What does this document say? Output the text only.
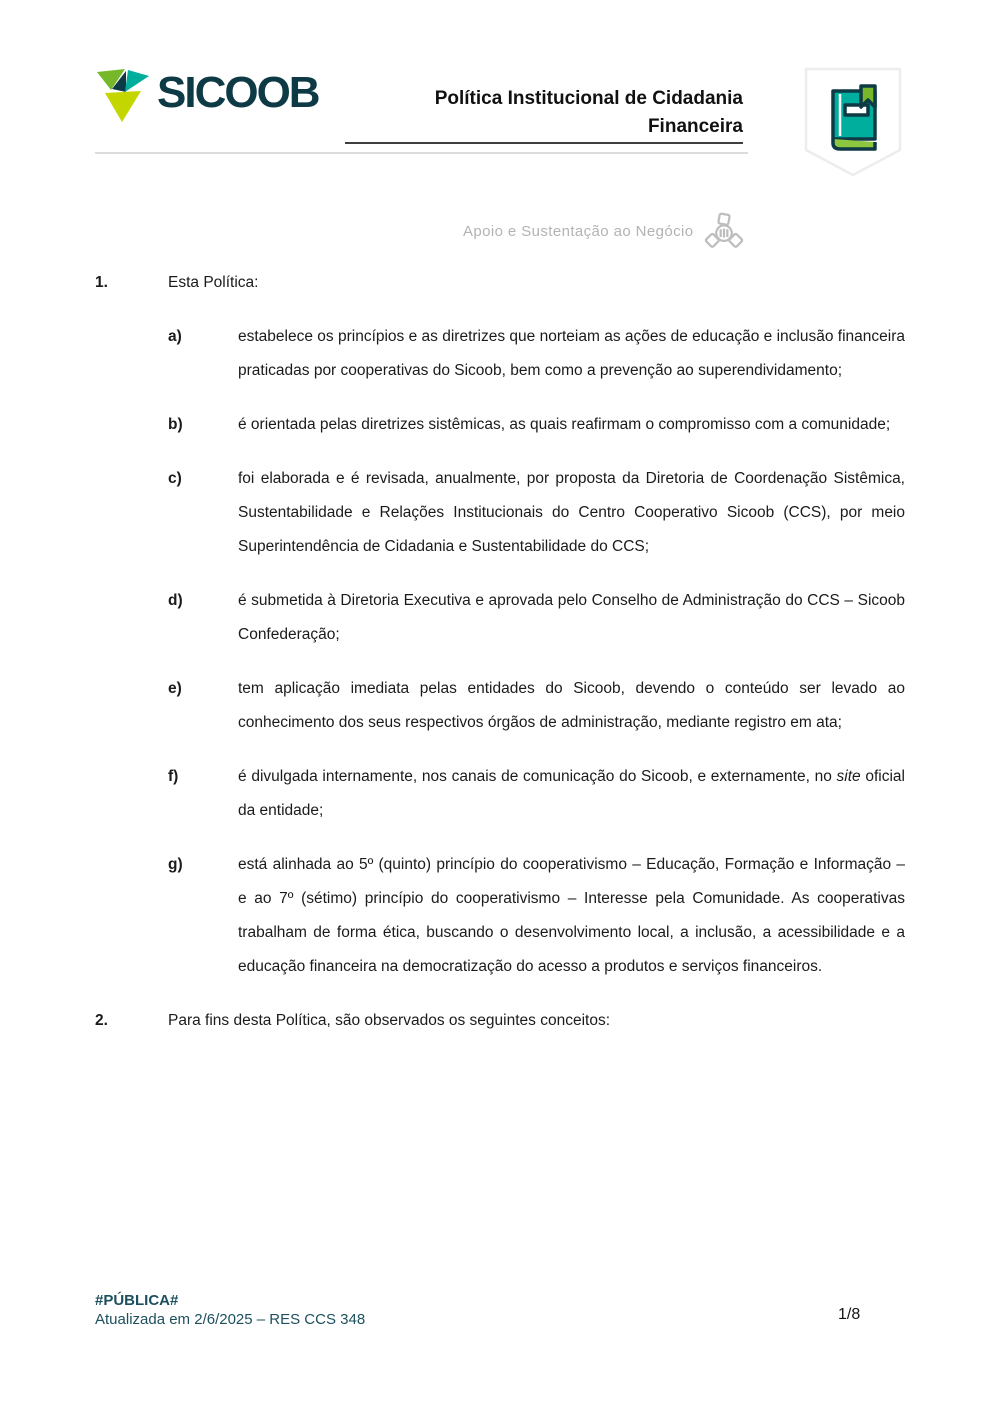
SICOOB	Política Institucional de Cidadania
Financeira
Apoio e Sustentação ao Negócio
1.	Esta Política:

a)	estabelece os princípios e as diretrizes que norteiam as ações de educação e inclusão financeira praticadas por cooperativas do Sicoob, bem como a prevenção ao superendividamento;

b)	é orientada pelas diretrizes sistêmicas, as quais reafirmam o compromisso com a comunidade;

c)	foi elaborada e é revisada, anualmente, por proposta da Diretoria de Coordenação Sistêmica, Sustentabilidade e Relações Institucionais do Centro Cooperativo Sicoob (CCS), por meio Superintendência de Cidadania e Sustentabilidade do CCS;

d)	é submetida à Diretoria Executiva e aprovada pelo Conselho de Administração do CCS – Sicoob Confederação;

e)	tem aplicação imediata pelas entidades do Sicoob, devendo o conteúdo ser levado ao conhecimento dos seus respectivos órgãos de administração, mediante registro em ata;

f)	é divulgada internamente, nos canais de comunicação do Sicoob, e externamente, no site oficial da entidade;

g)	está alinhada ao 5º (quinto) princípio do cooperativismo – Educação, Formação e Informação – e ao 7º (sétimo) princípio do cooperativismo – Interesse pela Comunidade. As cooperativas trabalham de forma ética, buscando o desenvolvimento local, a inclusão, a acessibilidade e a educação financeira na democratização do acesso a produtos e serviços financeiros.

2.	Para fins desta Política, são observados os seguintes conceitos:

#PÚBLICA#
Atualizada em 2/6/2025 – RES CCS 348	1/8
